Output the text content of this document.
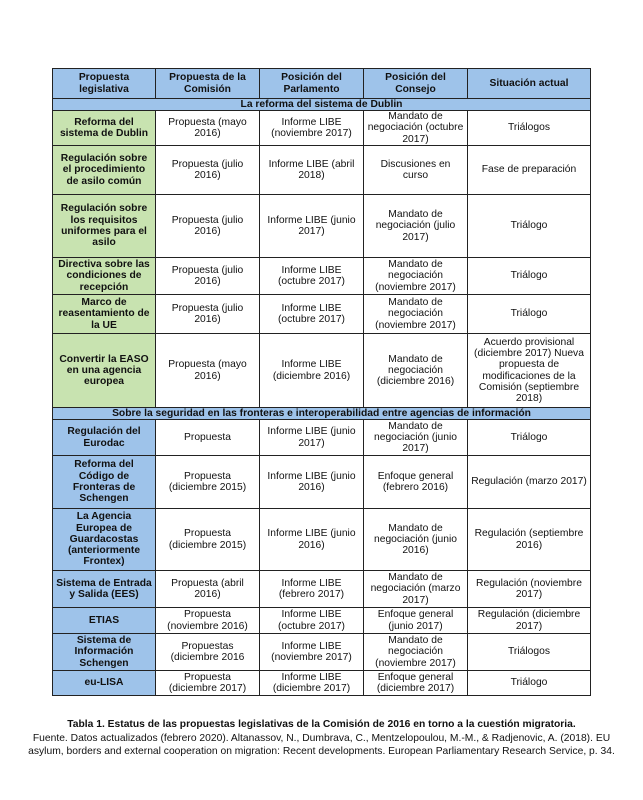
Propuesta legislativa	Propuesta de la Comisión	Posición del Parlamento	Posición del Consejo	Situación actual
La reforma del sistema de Dublin				
Reforma del sistema de Dublin	Propuesta (mayo 2016)	Informe LIBE (noviembre 2017)	Mandato de negociación (octubre 2017)	Triálogos
Regulación sobre el procedimiento de asilo común	Propuesta (julio 2016)	Informe LIBE (abril 2018)	Discusiones en curso	Fase de preparación
Regulación sobre los requisitos uniformes para el asilo	Propuesta (julio 2016)	Informe LIBE (junio 2017)	Mandato de negociación (julio 2017)	Triálogo
Directiva sobre las condiciones de recepción	Propuesta (julio 2016)	Informe LIBE (octubre 2017)	Mandato de negociación (noviembre 2017)	Triálogo
Marco de reasentamiento de la UE	Propuesta (julio 2016)	Informe LIBE (octubre 2017)	Mandato de negociación (noviembre 2017)	Triálogo
Convertir la EASO en una agencia europea	Propuesta (mayo 2016)	Informe LIBE (diciembre 2016)	Mandato de negociación (diciembre 2016)	Acuerdo provisional (diciembre 2017) Nueva propuesta de modificaciones de la Comisión (septiembre 2018)
Sobre la seguridad en las fronteras e interoperabilidad entre agencias de información				
Regulación del Eurodac	Propuesta	Informe LIBE (junio 2017)	Mandato de negociación (junio 2017)	Triálogo
Reforma del Código de Fronteras de Schengen	Propuesta (diciembre 2015)	Informe LIBE (junio 2016)	Enfoque general (febrero 2016)	Regulación (marzo 2017)
La Agencia Europea de Guardacostas (anteriormente Frontex)	Propuesta (diciembre 2015)	Informe LIBE (junio 2016)	Mandato de negociación (junio 2016)	Regulación (septiembre 2016)
Sistema de Entrada y Salida (EES)	Propuesta (abril 2016)	Informe LIBE (febrero 2017)	Mandato de negociación (marzo 2017)	Regulación (noviembre 2017)
ETIAS	Propuesta (noviembre 2016)	Informe LIBE (octubre 2017)	Enfoque general (junio 2017)	Regulación (diciembre 2017)
Sistema de Información Schengen	Propuestas (diciembre 2016	Informe LIBE (noviembre 2017)	Mandato de negociación (noviembre 2017)	Triálogos
eu-LISA	Propuesta (diciembre 2017)	Informe LIBE (diciembre 2017)	Enfoque general (diciembre 2017)	Triálogo
Tabla 1. Estatus de las propuestas legislativas de la Comisión de 2016 en torno a la cuestión migratoria.
Fuente. Datos actualizados (febrero 2020). Altanassov, N., Dumbrava, C., Mentzelopoulou, M.-M., & Radjenovic, A. (2018). EU asylum, borders and external cooperation on migration: Recent developments. European Parliamentary Research Service, p. 34.
